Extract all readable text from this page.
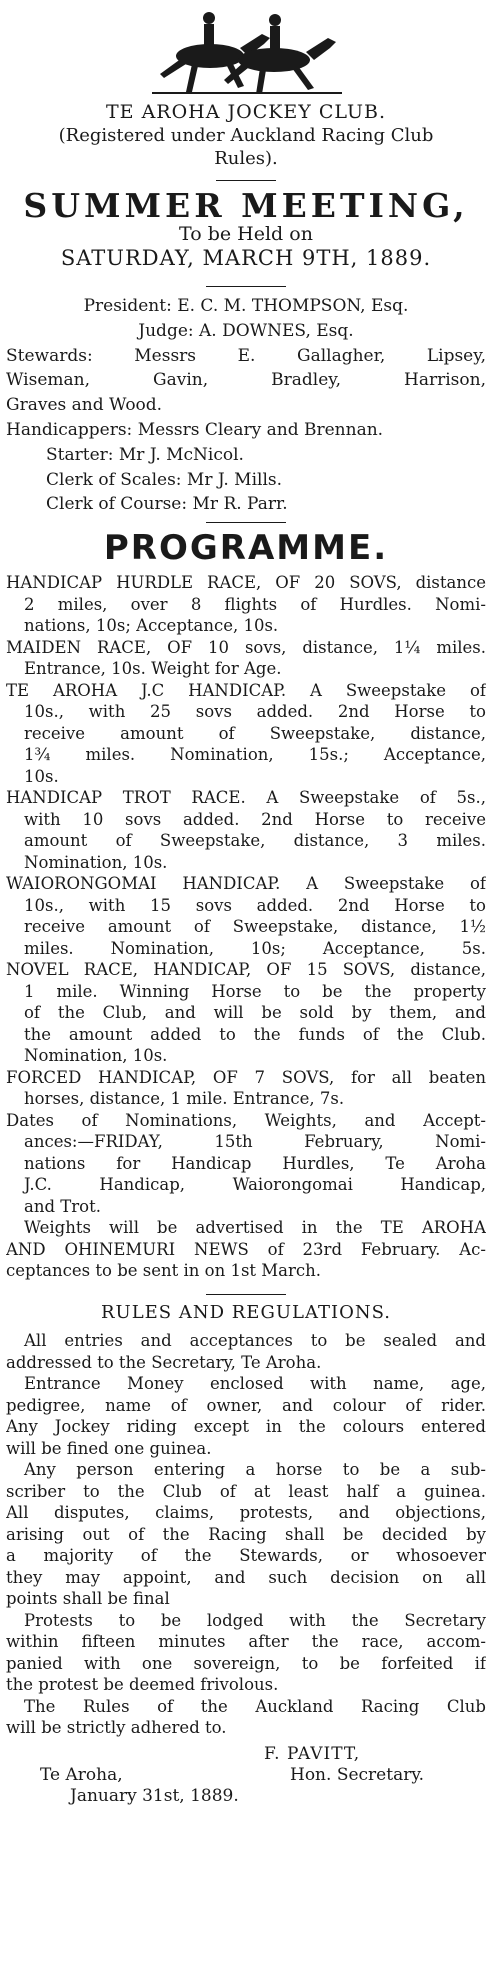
TE AROHA JOCKEY CLUB.
(Registered under Auckland Racing Club
Rules).
SUMMER MEETING,
To be Held on
SATURDAY, MARCH 9TH, 1889.
President: E. C. M. THOMPSON, Esq.
Judge: A. DOWNES, Esq.
Stewards: Messrs E. Gallagher, Lipsey,
Wiseman, Gavin, Bradley, Harrison,
Graves and Wood.
Handicappers: Messrs Cleary and Brennan.
Starter: Mr J. McNicol.
Clerk of Scales: Mr J. Mills.
Clerk of Course: Mr R. Parr.
PROGRAMME.
HANDICAP HURDLE RACE, OF 20 SOVS, distance
2 miles, over 8 flights of Hurdles. Nomi-
nations, 10s; Acceptance, 10s.
MAIDEN RACE, OF 10 sovs, distance, 1¼ miles.
Entrance, 10s. Weight for Age.
TE AROHA J.C HANDICAP. A Sweepstake of
10s., with 25 sovs added. 2nd Horse to
receive amount of Sweepstake, distance,
1¾ miles. Nomination, 15s.; Acceptance,
10s.
HANDICAP TROT RACE. A Sweepstake of 5s.,
with 10 sovs added. 2nd Horse to receive
amount of Sweepstake, distance, 3 miles.
Nomination, 10s.
WAIORONGOMAI HANDICAP. A Sweepstake of
10s., with 15 sovs added. 2nd Horse to
receive amount of Sweepstake, distance, 1½
miles. Nomination, 10s; Acceptance, 5s.
NOVEL RACE, HANDICAP, OF 15 SOVS, distance,
1 mile. Winning Horse to be the property
of the Club, and will be sold by them, and
the amount added to the funds of the Club.
Nomination, 10s.
FORCED HANDICAP, OF 7 SOVS, for all beaten
horses, distance, 1 mile. Entrance, 7s.
Dates of Nominations, Weights, and Accept-
ances:—FRIDAY, 15th February, Nomi-
nations for Handicap Hurdles, Te Aroha
J.C. Handicap, Waiorongomai Handicap,
and Trot.
Weights will be advertised in the TE AROHA
AND OHINEMURI NEWS of 23rd February. Ac-
ceptances to be sent in on 1st March.
RULES AND REGULATIONS.
All entries and acceptances to be sealed and
addressed to the Secretary, Te Aroha.
Entrance Money enclosed with name, age,
pedigree, name of owner, and colour of rider.
Any Jockey riding except in the colours entered
will be fined one guinea.
Any person entering a horse to be a sub-
scriber to the Club of at least half a guinea.
All disputes, claims, protests, and objections,
arising out of the Racing shall be decided by
a majority of the Stewards, or whosoever
they may appoint, and such decision on all
points shall be final
Protests to be lodged with the Secretary
within fifteen minutes after the race, accom-
panied with one sovereign, to be forfeited if
the protest be deemed frivolous.
The Rules of the Auckland Racing Club
will be strictly adhered to.
F. PAVITT,
Te Aroha,	Hon. Secretary.
January 31st, 1889.
